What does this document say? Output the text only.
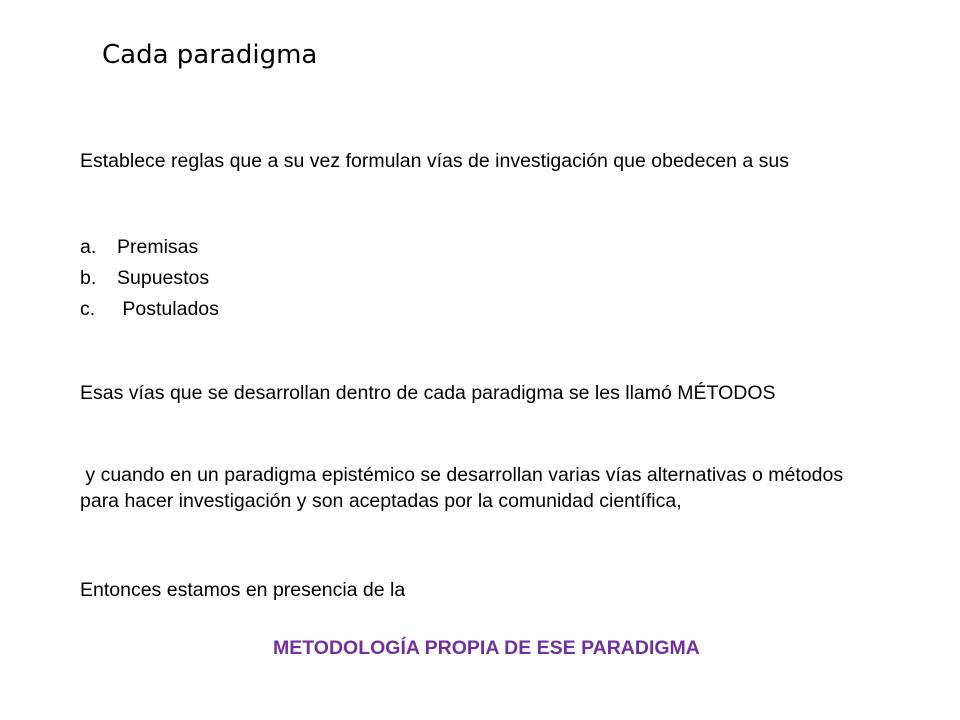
Cada paradigma
Establece reglas que a su vez formulan vías de investigación que obedecen a sus
a.	Premisas
b.	Supuestos
c.	Postulados
Esas vías que se desarrollan dentro de cada paradigma se les llamó MÉTODOS
y cuando en un paradigma epistémico se desarrollan varias vías alternativas o métodos para hacer investigación y son aceptadas por la comunidad científica,
Entonces estamos en presencia de la
METODOLOGÍA PROPIA DE ESE PARADIGMA
